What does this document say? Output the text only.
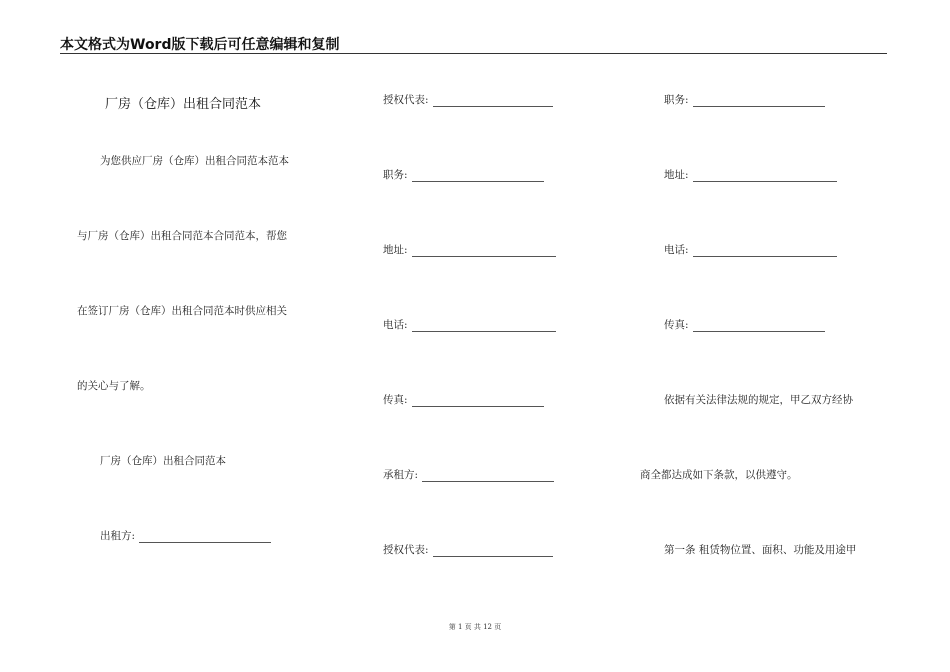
本文格式为Word版下载后可任意编辑和复制
厂房（仓库）出租合同范本
为您供应厂房（仓库）出租合同范本范本
与厂房（仓库）出租合同范本合同范本，帮您
在签订厂房（仓库）出租合同范本时供应相关
的关心与了解。
厂房（仓库）出租合同范本
出租方:
授权代表:
职务:
地址:
电话:
传真:
承租方:
授权代表:
职务:
地址:
电话:
传真:
依据有关法律法规的规定，甲乙双方经协
商全都达成如下条款，以供遵守。
第一条 租赁物位置、面积、功能及用途甲
第 1 页 共 12 页
